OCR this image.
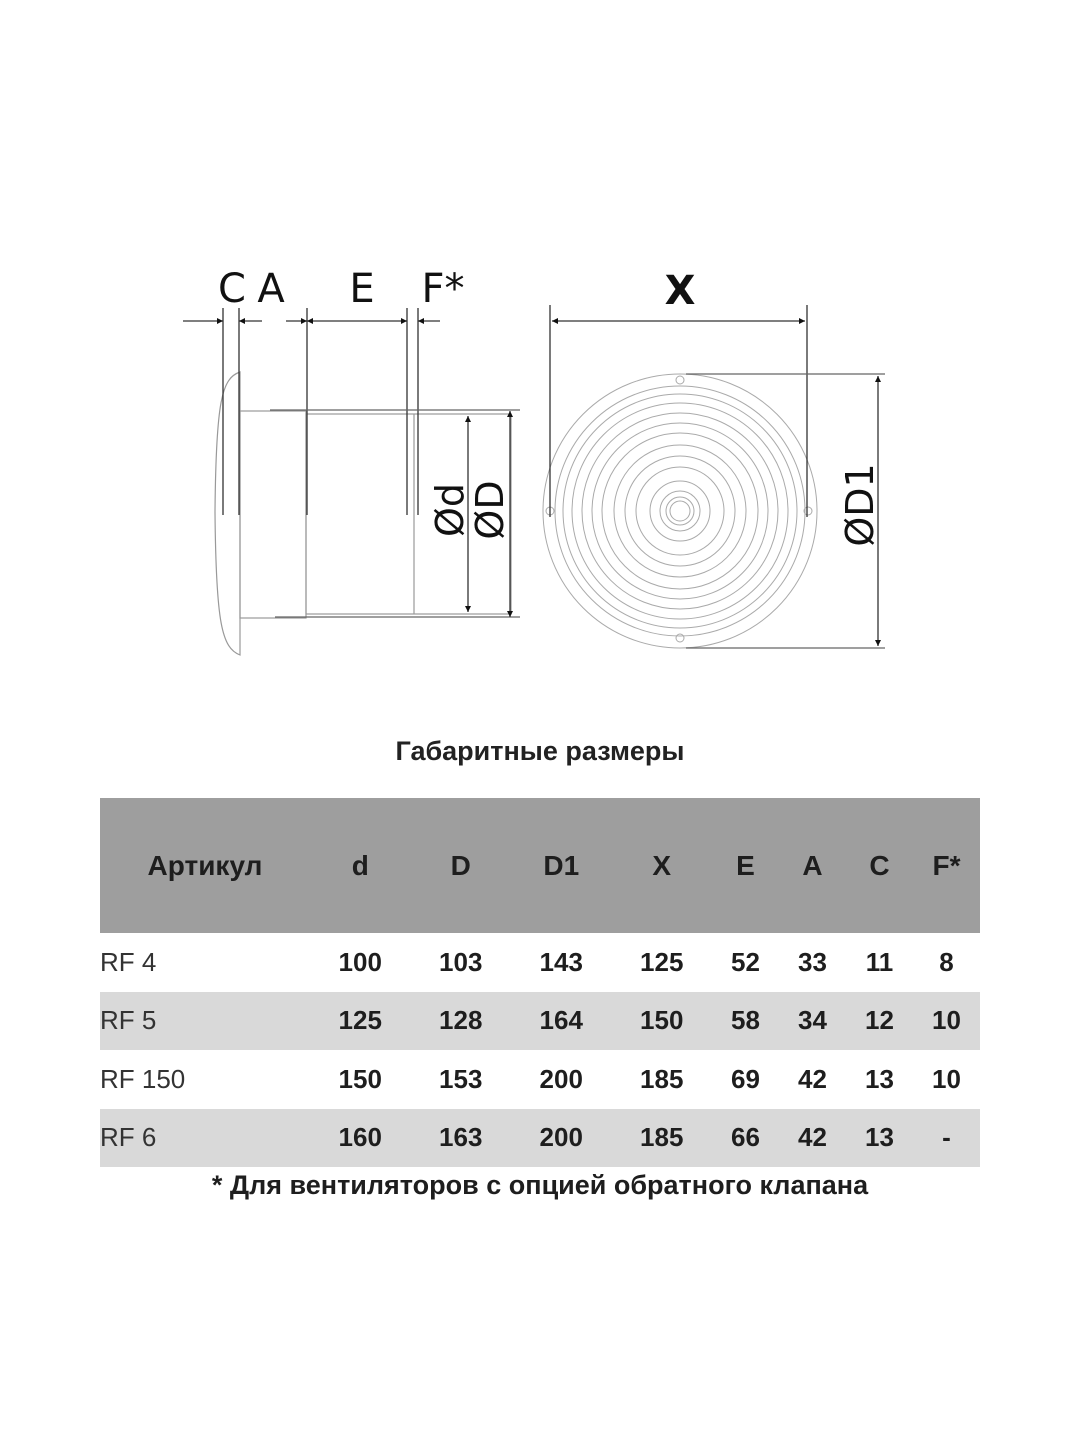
C A E F*
Ød
ØD
X
ØD1
Габаритные размеры
Артикул	d	D	D1	X	E	A	C	F*
RF 4	100	103	143	125	52	33	11	8
RF 5	125	128	164	150	58	34	12	10
RF 150	150	153	200	185	69	42	13	10
RF 6	160	163	200	185	66	42	13	-
* Для вентиляторов с опцией обратного клапана
